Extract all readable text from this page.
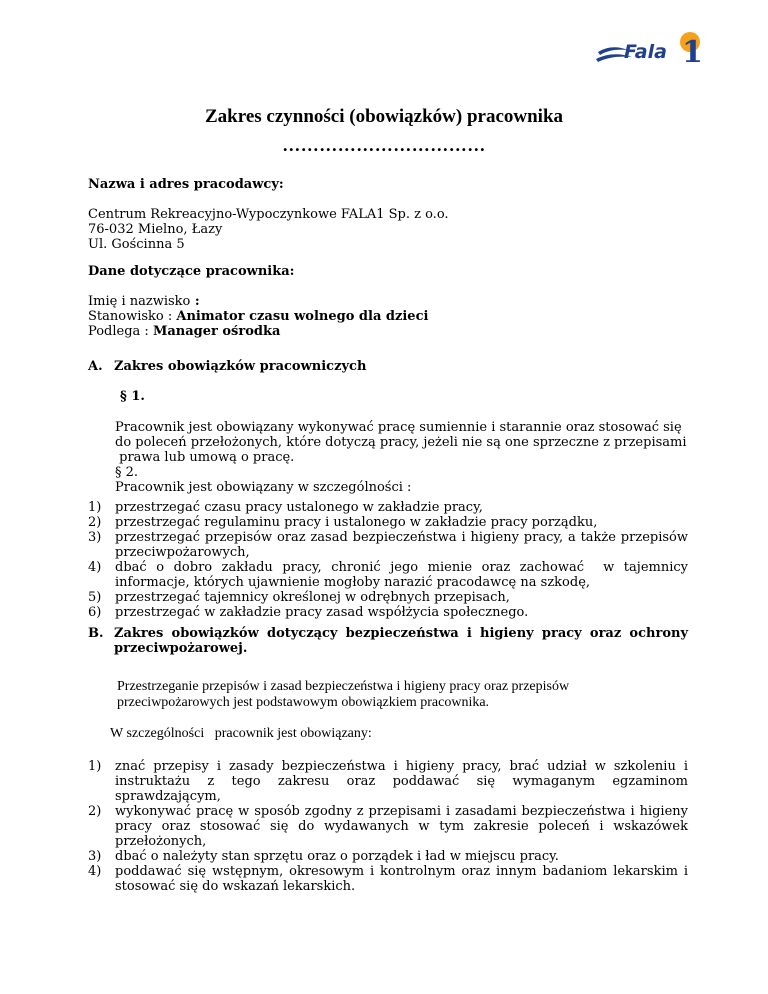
Fala 1
Zakres czynności (obowiązków) pracownika
……………………………
Nazwa i adres pracodawcy:
Centrum Rekreacyjno-Wypoczynkowe FALA1 Sp. z o.o.
76-032 Mielno, Łazy
Ul. Gościnna 5
Dane dotyczące pracownika:
Imię i nazwisko :
Stanowisko : Animator czasu wolnego dla dzieci
Podlega : Manager ośrodka
A. Zakres obowiązków pracowniczych
§ 1.
Pracownik jest obowiązany wykonywać pracę sumiennie i starannie oraz stosować się
do poleceń przełożonych, które dotyczą pracy, jeżeli nie są one sprzeczne z przepisami
prawa lub umową o pracę.
§ 2.
Pracownik jest obowiązany w szczególności :
1) przestrzegać czasu pracy ustalonego w zakładzie pracy,
2) przestrzegać regulaminu pracy i ustalonego w zakładzie pracy porządku,
3) przestrzegać przepisów oraz zasad bezpieczeństwa i higieny pracy, a także przepisów
przeciwpożarowych,
4) dbać o dobro zakładu pracy, chronić jego mienie oraz zachować  w tajemnicy
informacje, których ujawnienie mogłoby narazić pracodawcę na szkodę,
5) przestrzegać tajemnicy określonej w odrębnych przepisach,
6) przestrzegać w zakładzie pracy zasad współżycia społecznego.
B. Zakres obowiązków dotyczący bezpieczeństwa i higieny pracy oraz ochrony
przeciwpożarowej.
Przestrzeganie przepisów i zasad bezpieczeństwa i higieny pracy oraz przepisów
przeciwpożarowych jest podstawowym obowiązkiem pracownika.
W szczególności   pracownik jest obowiązany:
1) znać przepisy i zasady bezpieczeństwa i higieny pracy, brać udział w szkoleniu i
instruktażu z tego zakresu oraz poddawać się wymaganym egzaminom
sprawdzającym,
2) wykonywać pracę w sposób zgodny z przepisami i zasadami bezpieczeństwa i higieny
pracy oraz stosować się do wydawanych w tym zakresie poleceń i wskazówek
przełożonych,
3) dbać o należyty stan sprzętu oraz o porządek i ład w miejscu pracy.
4) poddawać się wstępnym, okresowym i kontrolnym oraz innym badaniom lekarskim i
stosować się do wskazań lekarskich.
